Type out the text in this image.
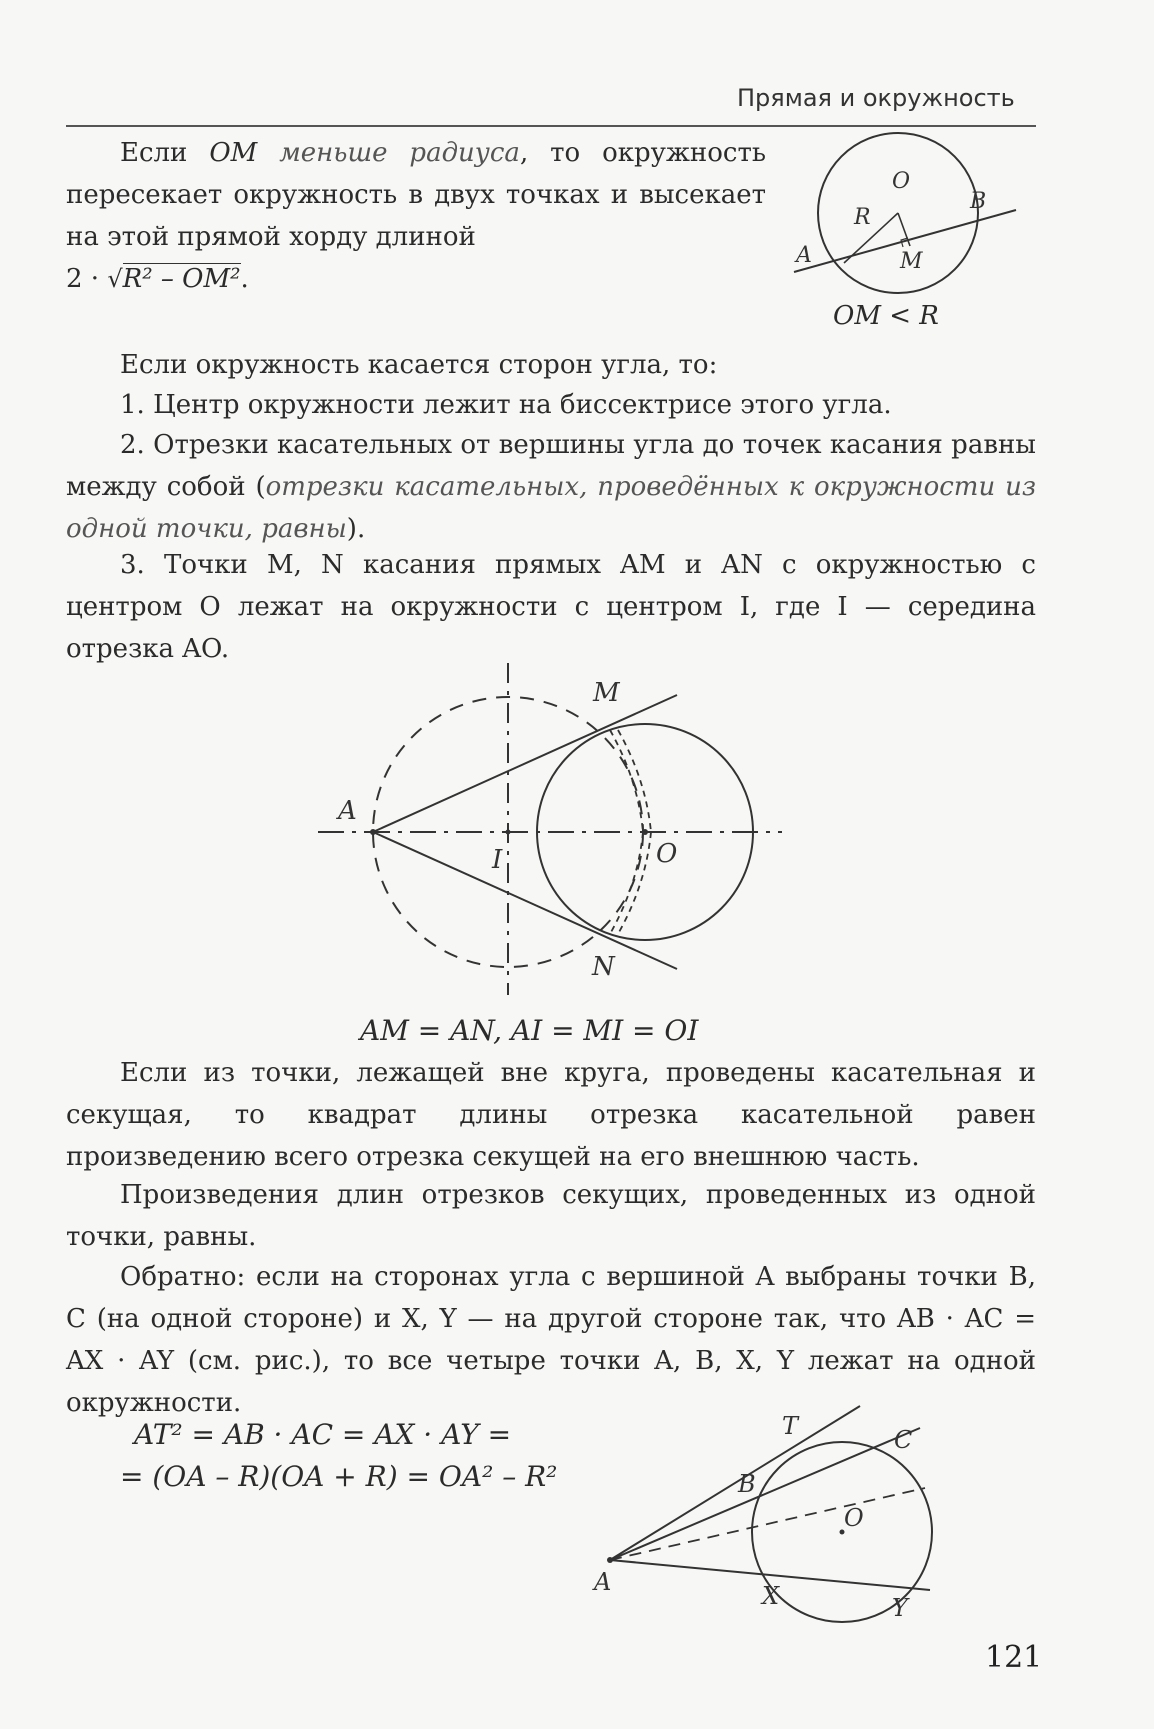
Прямая и окружность
Если OM меньше радиуса, то окружность пересекает окружность в двух точках и высекает на этой прямой хорду длиной
2 · √R² – OM².
O
R
B
A	M
OM < R
Если окружность касается сторон угла, то:
1. Центр окружности лежит на биссектрисе этого угла.
2. Отрезки касательных от вершины угла до точек касания равны между собой (отрезки касательных, проведённых к окружности из одной точки, равны).
3. Точки M, N касания прямых AM и AN с окружностью с центром O лежат на окружности с центром I, где I — середина отрезка AO.
M
A
I	O
N
AM = AN, AI = MI = OI
Если из точки, лежащей вне круга, проведены касательная и секущая, то квадрат длины отрезка касательной равен произведению всего отрезка секущей на его внешнюю часть.
Произведения длин отрезков секущих, проведенных из одной точки, равны.
Обратно: если на сторонах угла с вершиной A выбраны точки B, C (на одной стороне) и X, Y — на другой стороне так, что AB · AC = AX · AY (см. рис.), то все четыре точки A, B, X, Y лежат на одной окружности.
AT² = AB · AC = AX · AY =
= (OA – R)(OA + R) = OA² – R²
T	C
B
O
A	X	Y
121
